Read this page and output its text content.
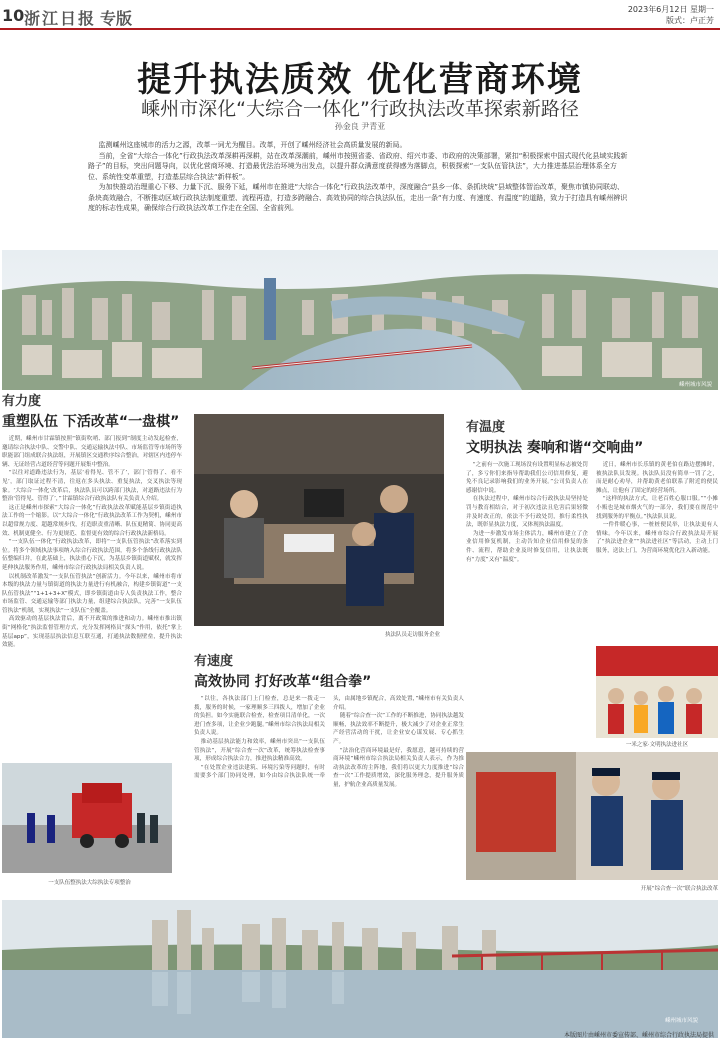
10 浙江日报 专版	2023年6月12日 星期一
版式：卢正芳
提升执法质效 优化营商环境
嵊州市深化“大综合一体化”行政执法改革探索新路径
孙金良 尹青亚

监测嵊州这座城市的活力之源，改革一词尤为醒目。改革，开创了嵊州经济社会高质量发展的新局。

当前，全省“大综合一体化”行政执法改革深耕再深耕，站在改革深潮前，嵊州市按照省委、省政府、绍兴市委、市政府的决策部署，紧扣“积极探索中国式现代化县域实践新路子”的目标，突出问题导向，以优化营商环境、打造最优法治环境为出发点，以提升群众满意度获得感为落脚点，积极探索“一支队伍管执法”，大力推进基层治理体系全方位、系统性变革重塑，打造基层综合执法“新样板”。

为加快推动治理重心下移、力量下沉、服务下延，嵊州市在推进“大综合一体化”行政执法改革中，深度融合“县乡一体、条抓块统”县域整体智治改革，聚焦市镇协同联动、条块高效融合，不断推动区域行政执法制度重塑、流程再造，打造多跨融合、高效协同的综合执法队伍，走出一条“有力度、有速度、有温度”的道路，致力于打造具有嵊州辨识度的标志性成果，确保综合行政执法改革工作走在全国、全省前列。

嵊州城市风貌
有力度
重塑队伍 下活改革“一盘棋”

近期，嵊州市甘霖镇按照“镇街吹哨、部门报到”制度主动发起检查，邀请综合执法中队、交警中队、交通运输执法中队、市场监管等市场所等职能部门组成联合执法组，开展镇区交通秩序综合整治，对辖区内违停车辆、无证经营占道经营等问题开展集中整治。

“以往对道路违法行为，基层‘看得见、管不了’，部门‘管得了、看不见’，部门取证过程不清，往返在多头执法、重复执法，交叉执法等现象。‘大综合一体化’改革后，执法队员可以跨部门执法，对道路违法行为整治‘管得见、管得了’，”甘霖镇综合行政执法队有关负责人介绍。

这正是嵊州市探索“大综合一体化”行政执法改革赋能基层乡镇街道执法工作的一个缩影。以“大综合一体化”行政执法改革工作为契机，嵊州市以超常规力度、超越常规步伐，打造职责重清晰、队伍更精简、协同更高效、机制更健全、行为更规范、监督更有效的综合行政执法新格局。

“一支队伍一体化”行政执法改革，即将“一支队伍管执法”改革落实到位。将多个领域执法事项纳入综合行政执法范围，将多个条线行政执法队伍整编归并，在此基础上，执法重心下沉，为基层乡镇街道赋权，就发挥延伸执法服务作用，嵊州市综合行政执法局相关负责人说。

以机制改革激发“一支队伍管执法”创新活力。今年以来，嵊州市将市本级的执法力量与镇街道的执法力量进行有机融合，构建乡镇街道“一支队伍管执法”“1+1+3+X”模式，即乡镇街道由专人负责执法工作，整合市场监管、交通运输等部门执法力量，组建综合执法队，完善“一支队伍管执法”机制，实现执法“一支队伍”全覆盖。

高效驱动的基层执法背后，离不开政策的推进和动力。嵊州市推出镇街“网格化”执法监督管理方式，充分发挥网格员“探头”作用，依托“掌上基层app”，实现基层执法信息互联互通，打通执法数据壁垒，提升执法效能。

一支队伍整执法大综执法专项整治
执法队员走访服务企业
有速度
高效协同 打好改革“组合拳”

“以往，各执法部门上门检查，总是来一拨走一拨，服务的时候，一家理顺多三四拨人，增加了企业的负担。如今实施联合检查，检查项目清单化，一次进门查多项，让企业少跑腿。”嵊州市综合执法局相关负责人说。

推动基层执法能力和效率，嵊州市突出“一支队伍管执法”，开展“综合查一次”改革，统筹执法检查事项，形成综合执法合力，推进执法精准高效。

“在处置企业违法建筑、环境污染等问题时，有时需要多个部门协同处理，如今由综合执法队统一牵头，由属地乡镇配合，高效处置，”嵊州市有关负责人介绍。

随着“综合查一次”工作的不断推进，协同执法越发顺畅，执法效率不断提升，极大减少了对企业正常生产经营活动的干扰，让企业安心谋发展、专心抓生产。

“法治化营商环境最是好，我愿意，越可持续的营商环境”嵊州市综合执法局相关负责人表示，作为推动执法改革的主阵地，我们将以更大力度推进“综合查一次”工作提质增效，深化服务理念，提升服务质量，护航企业高质量发展。

有温度
文明执法 奏响和谐“交响曲”

“之前有一次施工现场没有设置明显标志被处罚了，多亏你们来指导帮助我们公司信用修复，避免不良记录影响我们的业务开展。”公司负责人在感谢信中说。

在执法过程中，嵊州市综合行政执法局坚持处罚与教育相结合，对于初次违法且危害后果轻微并及时改正的，依法不予行政处罚，推行柔性执法，既彰显执法力度，又体现执法温度。

为进一步激发市场主体活力，嵊州市建立了企业信用修复机制，主动告知企业信用修复的条件、流程，帮助企业及时修复信用，让执法既有“力度”又有“温度”。

近日，嵊州市长乐镇的黄老伯在路边摆摊时，被执法队员发现。执法队员没有简单一罚了之，而是耐心劝导，并帮助黄老伯联系了附近的便民摊点，让他有了固定的经营场所。

“这样的执法方式，让老百姓心服口服。”“小摊小贩也是城市烟火气的一部分，我们要在规范中找到服务的平衡点。”执法队员说。

一件件暖心事，一桩桩便民举，让执法更有人情味。今年以来，嵊州市综合行政执法局开展了“执法进企业”“执法进社区”等活动，主动上门服务，送法上门，为营商环境优化注入新动能。

一米之家·文明执法进社区
开展“综合查一次”联合执法改革
嵊州城市风貌
本版图片由嵊州市委宣传部、嵊州市综合行政执法局提供
